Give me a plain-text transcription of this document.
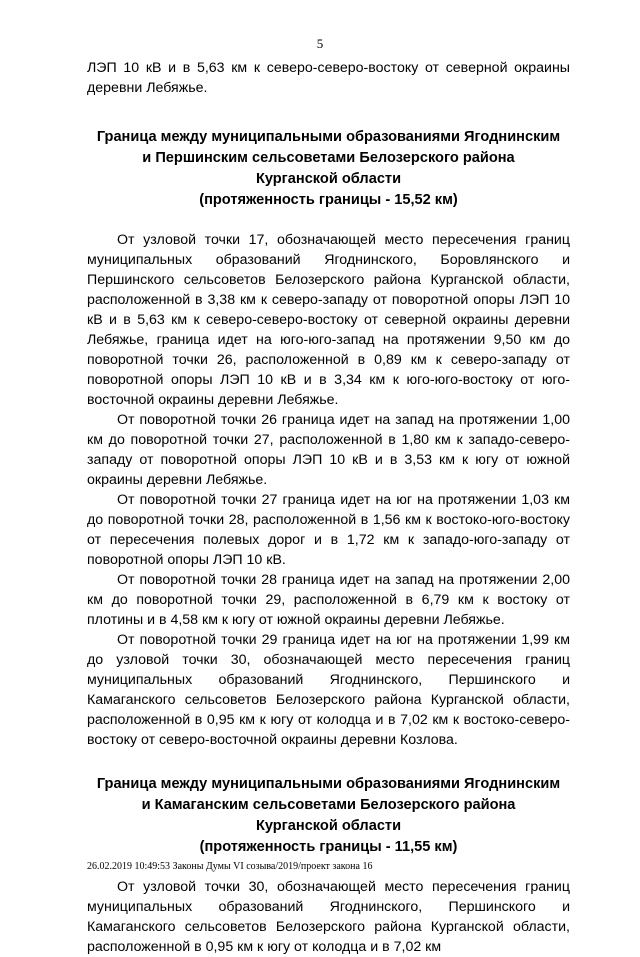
5

ЛЭП 10 кВ и в 5,63 км к северо-северо-востоку от северной окраины деревни Лебяжье.

Граница между муниципальными образованиями Ягоднинским
и Першинским сельсоветами Белозерского района
Курганской области
(протяженность границы - 15,52 км)

От узловой точки 17, обозначающей место пересечения границ муниципальных образований Ягоднинского, Боровлянского и Першинского сельсоветов Белозерского района Курганской области, расположенной в 3,38 км к северо-западу от поворотной опоры ЛЭП 10 кВ и в 5,63 км к северо-северо-востоку от северной окраины деревни Лебяжье, граница идет на юго-юго-запад на протяжении 9,50 км до поворотной точки 26, расположенной в 0,89 км к северо-западу от поворотной опоры ЛЭП 10 кВ и в 3,34 км к юго-юго-востоку от юго-восточной окраины деревни Лебяжье.

От поворотной точки 26 граница идет на запад на протяжении 1,00 км до поворотной точки 27, расположенной в 1,80 км к западо-северо-западу от поворотной опоры ЛЭП 10 кВ и в 3,53 км к югу от южной окраины деревни Лебяжье.

От поворотной точки 27 граница идет на юг на протяжении 1,03 км до поворотной точки 28, расположенной в 1,56 км к востоко-юго-востоку от пересечения полевых дорог и в 1,72 км к западо-юго-западу от поворотной опоры ЛЭП 10 кВ.

От поворотной точки 28 граница идет на запад на протяжении 2,00 км до поворотной точки 29, расположенной в 6,79 км к востоку от плотины и в 4,58 км к югу от южной окраины деревни Лебяжье.

От поворотной точки 29 граница идет на юг на протяжении 1,99 км до узловой точки 30, обозначающей место пересечения границ муниципальных образований Ягоднинского, Першинского и Камаганского сельсоветов Белозерского района Курганской области, расположенной в 0,95 км к югу от колодца и в 7,02 км к востоко-северо-востоку от северо-восточной окраины деревни Козлова.

Граница между муниципальными образованиями Ягоднинским
и Камаганским сельсоветами Белозерского района
Курганской области
(протяженность границы - 11,55 км)

От узловой точки 30, обозначающей место пересечения границ муниципальных образований Ягоднинского, Першинского и Камаганского сельсоветов Белозерского района Курганской области, расположенной в 0,95 км к югу от колодца и в 7,02 км

26.02.2019 10:49:53 Законы Думы VI созыва/2019/проект закона 16
